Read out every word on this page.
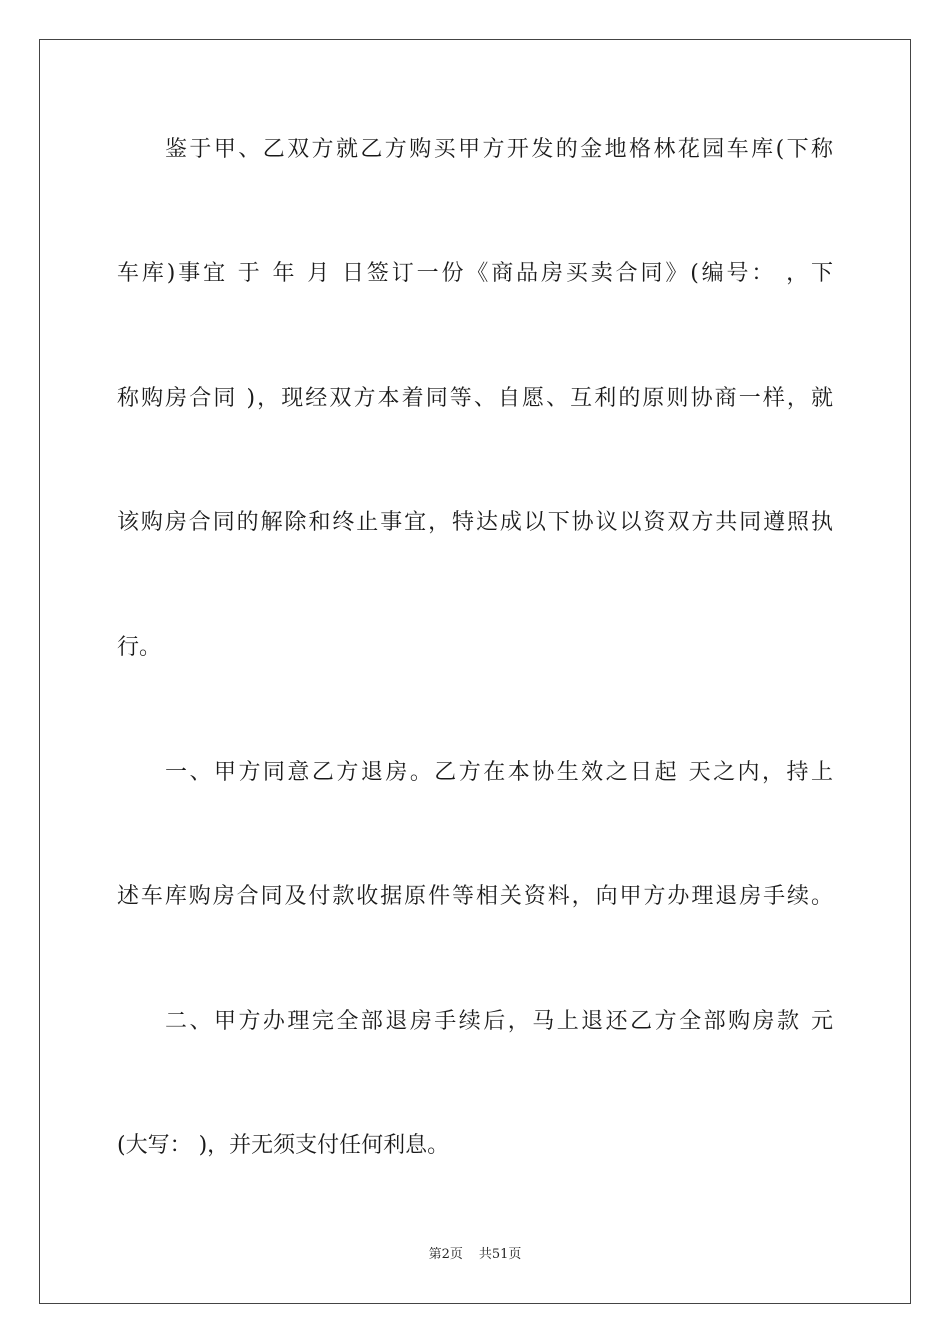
鉴于甲、乙双方就乙方购买甲方开发的金地格林花园车库(下称
车库)事宜 于 年 月 日签订一份《商品房买卖合同》(编号： ，下
称购房合同 )，现经双方本着同等、自愿、互利的原则协商一样，就
该购房合同的解除和终止事宜，特达成以下协议以资双方共同遵照执
行。
一、甲方同意乙方退房。乙方在本协生效之日起 天之内，持上
述车库购房合同及付款收据原件等相关资料，向甲方办理退房手续。
二、甲方办理完全部退房手续后，马上退还乙方全部购房款 元
(大写： )，并无须支付任何利息。
第2页 共51页
